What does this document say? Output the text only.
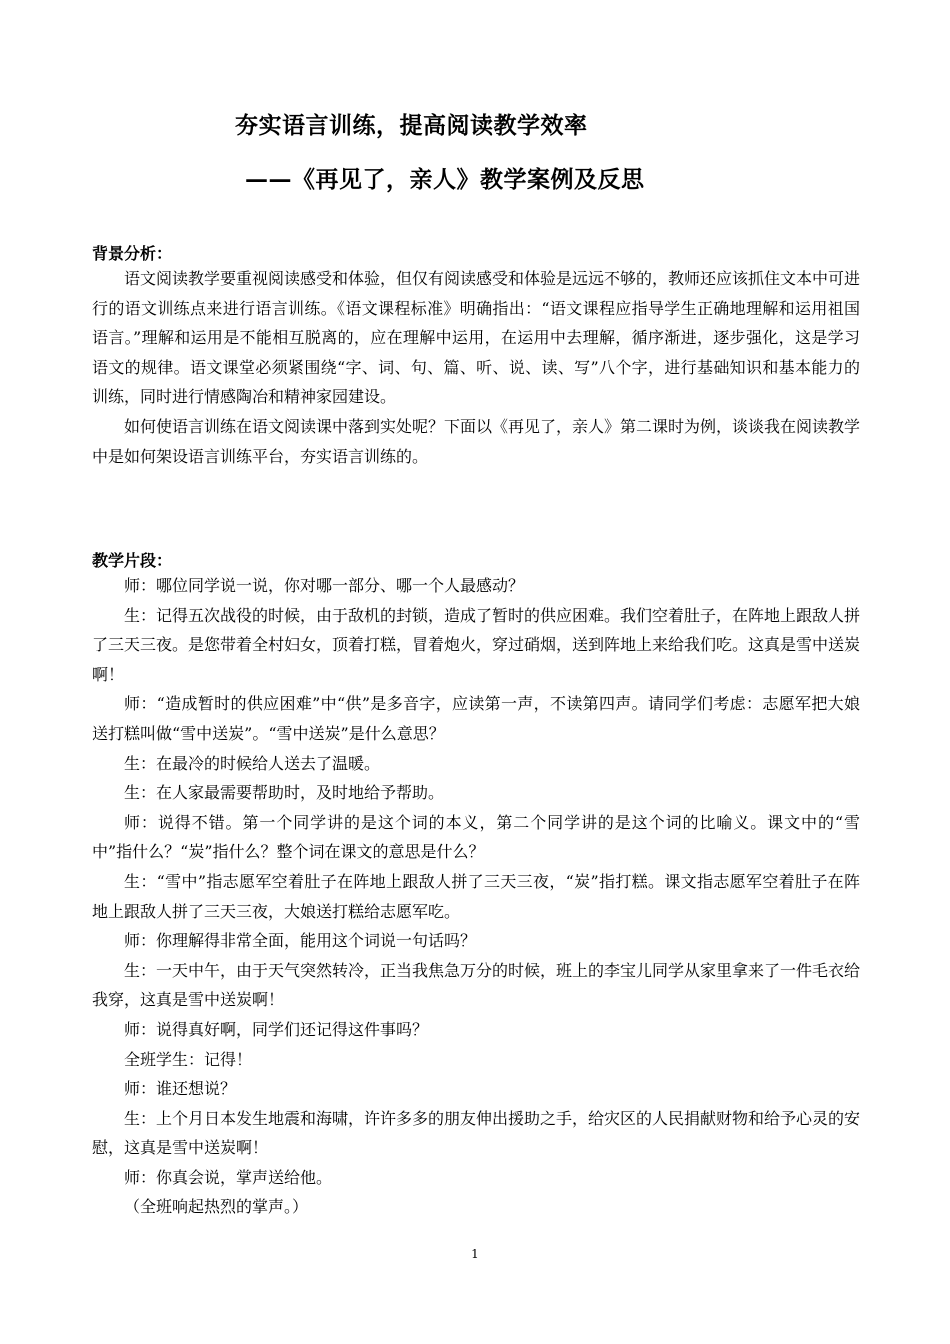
夯实语言训练，提高阅读教学效率
——《再见了，亲人》教学案例及反思
背景分析：

语文阅读教学要重视阅读感受和体验，但仅有阅读感受和体验是远远不够的，教师还应该抓住文本中可进行的语文训练点来进行语言训练。《语文课程标准》明确指出：“语文课程应指导学生正确地理解和运用祖国语言。”理解和运用是不能相互脱离的，应在理解中运用，在运用中去理解，循序渐进，逐步强化，这是学习语文的规律。语文课堂必须紧围绕“字、词、句、篇、听、说、读、写”八个字，进行基础知识和基本能力的训练，同时进行情感陶冶和精神家园建设。

如何使语言训练在语文阅读课中落到实处呢？下面以《再见了，亲人》第二课时为例，谈谈我在阅读教学中是如何架设语言训练平台，夯实语言训练的。

教学片段：

师：哪位同学说一说，你对哪一部分、哪一个人最感动？

生：记得五次战役的时候，由于敌机的封锁，造成了暂时的供应困难。我们空着肚子，在阵地上跟敌人拼了三天三夜。是您带着全村妇女，顶着打糕，冒着炮火，穿过硝烟，送到阵地上来给我们吃。这真是雪中送炭啊！

师：“造成暂时的供应困难”中“供”是多音字，应读第一声，不读第四声。请同学们考虑：志愿军把大娘送打糕叫做“雪中送炭”。“雪中送炭”是什么意思？

生：在最冷的时候给人送去了温暖。

生：在人家最需要帮助时，及时地给予帮助。

师：说得不错。第一个同学讲的是这个词的本义，第二个同学讲的是这个词的比喻义。课文中的“雪中”指什么？“炭”指什么？整个词在课文的意思是什么？

生：“雪中”指志愿军空着肚子在阵地上跟敌人拼了三天三夜，“炭”指打糕。课文指志愿军空着肚子在阵地上跟敌人拼了三天三夜，大娘送打糕给志愿军吃。

师：你理解得非常全面，能用这个词说一句话吗？

生：一天中午，由于天气突然转冷，正当我焦急万分的时候，班上的李宝儿同学从家里拿来了一件毛衣给我穿，这真是雪中送炭啊！

师：说得真好啊，同学们还记得这件事吗？

全班学生：记得！

师：谁还想说？

生：上个月日本发生地震和海啸，许许多多的朋友伸出援助之手，给灾区的人民捐献财物和给予心灵的安慰，这真是雪中送炭啊！

师：你真会说，掌声送给他。

（全班响起热烈的掌声。）

1
